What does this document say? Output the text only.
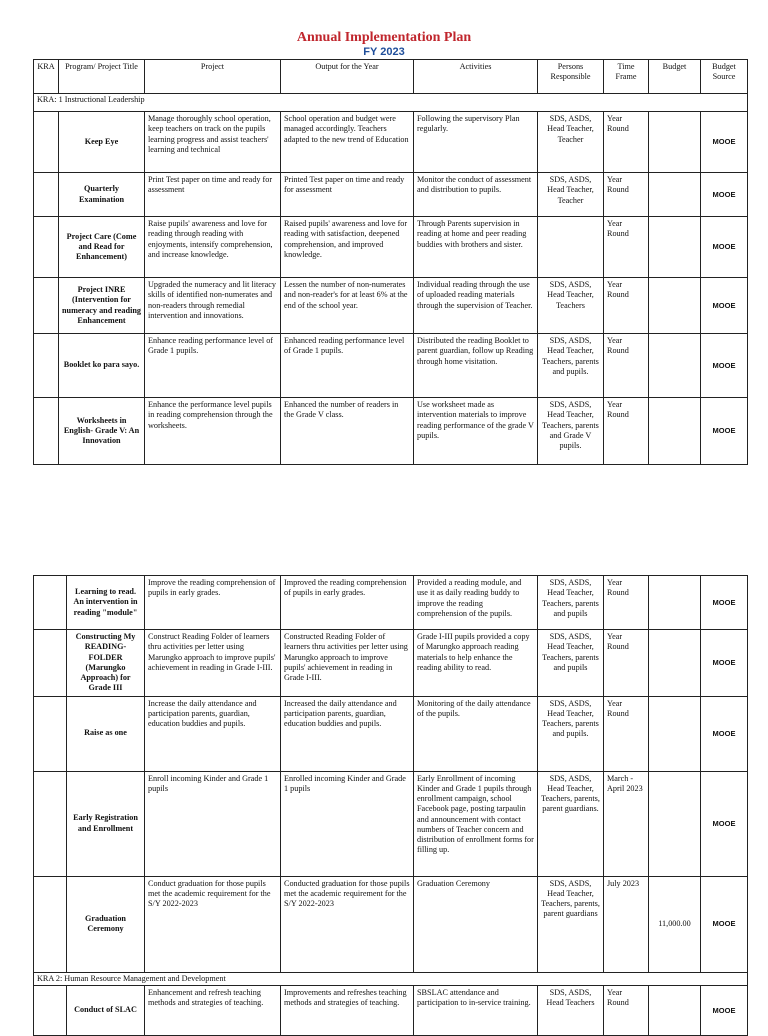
Annual Implementation Plan
FY 2023
KRA	Program/ Project Title	Project	Output for the Year	Activities	Persons Responsible	Time Frame	Budget	Budget Source
KRA: 1 Instructional Leadership								
	Keep Eye	Manage thoroughly school operation, keep teachers on track on the pupils learning progress and assist teachers' learning and technical	School operation and budget were managed accordingly. Teachers adapted to the new trend of Education	Following the supervisory Plan regularly.	SDS, ASDS, Head Teacher, Teacher	Year Round		MOOE
	Quarterly Examination	Print Test paper on time and ready for assessment	Printed Test paper on time and ready for assessment	Monitor the conduct of assessment and distribution to pupils.	SDS, ASDS, Head Teacher, Teacher	Year Round		MOOE
	Project Care (Come and Read for Enhancement)	Raise pupils' awareness and love for reading through reading with enjoyments, intensify comprehension, and increase knowledge.	Raised pupils' awareness and love for reading with satisfaction, deepened comprehension, and improved knowledge.	Through Parents supervision in reading at home and peer reading buddies with brothers and sister.		Year Round		MOOE
	Project INRE (Intervention for numeracy and reading Enhancement	Upgraded the numeracy and lit literacy skills of identified non-numerates and non-readers through remedial intervention and innovations.	Lessen the number of non-numerates and non-reader's for at least 6% at the end of the school year.	Individual reading through the use of uploaded reading materials through the supervision of Teacher.	SDS, ASDS, Head Teacher, Teachers	Year Round		MOOE
	Booklet ko para sayo.	Enhance reading performance level of Grade 1 pupils.	Enhanced reading performance level of Grade 1 pupils.	Distributed the reading Booklet to parent guardian, follow up Reading through home visitation.	SDS, ASDS, Head Teacher, Teachers, parents and pupils.	Year Round		MOOE
	Worksheets in English- Grade V: An Innovation	Enhance the performance level pupils in reading comprehension through the worksheets.	Enhanced the number of readers in the Grade V class.	Use worksheet made as intervention materials to improve reading performance of the grade V pupils.	SDS, ASDS, Head Teacher, Teachers, parents and Grade V pupils.	Year Round		MOOE
	Learning to read. An intervention in reading "module"	Improve the reading comprehension of pupils in early grades.	Improved the reading comprehension of pupils in early grades.	Provided a reading module, and use it as daily reading buddy to improve the reading comprehension of the pupils.	SDS, ASDS, Head Teacher, Teachers, parents and pupils	Year Round		MOOE
	Constructing My READING-FOLDER (Marungko Approach) for Grade III	Construct Reading Folder of learners thru activities per letter using Marungko approach to improve pupils' achievement in reading in Grade I-III.	Constructed Reading Folder of learners thru activities per letter using Marungko approach to improve pupils' achievement in reading in Grade I-III.	Grade I-III pupils provided a copy of Marungko approach reading materials to help enhance the reading ability to read.	SDS, ASDS, Head Teacher, Teachers, parents and pupils	Year Round		MOOE
	Raise as one	Increase the daily attendance and participation parents, guardian, education buddies and pupils.	Increased the daily attendance and participation parents, guardian, education buddies and pupils.	Monitoring of the daily attendance of the pupils.	SDS, ASDS, Head Teacher, Teachers, parents and pupils.	Year Round		MOOE
	Early Registration and Enrollment	Enroll incoming Kinder and Grade 1 pupils	Enrolled incoming Kinder and Grade 1 pupils	Early Enrollment of incoming Kinder and Grade 1 pupils through enrollment campaign, school Facebook page, posting tarpaulin and announcement with contact numbers of Teacher concern and distribution of enrollment forms for filling up.	SDS, ASDS, Head Teacher, Teachers, parents, parent guardians.	March - April 2023		MOOE
	Graduation Ceremony	Conduct graduation for those pupils met the academic requirement for the S/Y 2022-2023	Conducted graduation for those pupils met the academic requirement for the S/Y 2022-2023	Graduation Ceremony	SDS, ASDS, Head Teacher, Teachers, parents, parent guardians	July 2023	11,000.00	MOOE
KRA 2: Human Resource Management and Development								
	Conduct of SLAC	Enhancement and refresh teaching methods and strategies of teaching.	Improvements and refreshes teaching methods and strategies of teaching.	SBSLAC attendance and participation to in-service training.	SDS, ASDS, Head Teachers	Year Round		MOOE
